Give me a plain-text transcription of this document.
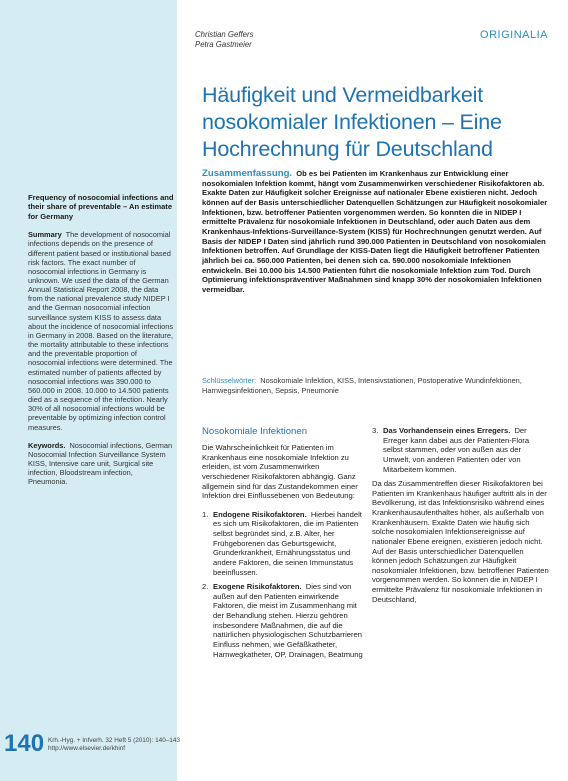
Frequency of nosocomial infections and their share of preventable – An estimate for Germany
Summary The development of nosocomial infections depends on the presence of different patient based or institutional based risk factors. The exact number of nosocomial infections in Germany is unknown. We used the data of the German Annual Statistical Report 2008, the data from the national prevalence study NIDEP I and the German nosocomial infection surveillance system KISS to assess data about the incidence of nosocomial infections in Germany in 2008. Based on the literature, the mortality attributable to these infections and the preventable proportion of nosocomial infections were determined. The estimated number of patients affected by nosocomial infections was 390.000 to 560.000 in 2008. 10.000 to 14.500 patients died as a sequence of the infection. Nearly 30% of all nosocomial infections would be preventable by optimizing infection control measures.
Keywords. Nosocomial infections, German Nosocomial Infection Surveillance System KISS, Intensive care unit, Surgical site infection, Bloodstream infection, Pneumonia.
Christian Geffers
Petra Gastmeier
ORIGINALIA
Häufigkeit und Vermeidbarkeit nosokomialer Infektionen – Eine Hochrechnung für Deutschland
Zusammenfassung. Ob es bei Patienten im Krankenhaus zur Entwicklung einer nosokomialen Infektion kommt, hängt vom Zusammenwirken verschiedener Risikofaktoren ab. Exakte Daten zur Häufigkeit solcher Ereignisse auf nationaler Ebene existieren nicht. Jedoch können auf der Basis unterschiedlicher Datenquellen Schätzungen zur Häufigkeit nosokomialer Infektionen, bzw. betroffener Patienten vorgenommen werden. So konnten die in NIDEP I ermittelte Prävalenz für nosokomiale Infektionen in Deutschland, oder auch Daten aus dem Krankenhaus-Infektions-Surveillance-System (KISS) für Hochrechnungen genutzt werden. Auf Basis der NIDEP I Daten sind jährlich rund 390.000 Patienten in Deutschland von nosokomialen Infektionen betroffen. Auf Grundlage der KISS-Daten liegt die Häufigkeit betroffener Patienten jährlich bei ca. 560.000 Patienten, bei denen sich ca. 590.000 nosokomiale Infektionen entwickeln. Bei 10.000 bis 14.500 Patienten führt die nosokomiale Infektion zum Tod. Durch Optimierung infektionspräventiver Maßnahmen sind knapp 30% der nosokomialen Infektionen vermeidbar.
Schlüsselwörter: Nosokomiale Infektion, KISS, Intensivstationen, Postoperative Wundinfektionen, Harnwegsinfektionen, Sepsis, Pneumonie
Nosokomiale Infektionen

Die Wahrscheinlichkeit für Patienten im Krankenhaus eine nosokomiale Infektion zu erleiden, ist vom Zusammenwirken verschiedener Risikofaktoren abhängig. Ganz allgemein sind für das Zustandekommen einer Infektion drei Einflussebenen von Bedeutung:

1. Endogene Risikofaktoren. Hierbei handelt es sich um Risikofaktoren, die im Patienten selbst begründet sind, z.B. Alter, her Frühgeborenen das Geburtsgewicht, Grunderkrankheit, Ernährungsstatus und andere Faktoren, die seinen Immunstatus beeinflussen.
2. Exogene Risikofaktoren. Dies sind von außen auf den Patienten einwirkende Faktoren, die meist im Zusammenhang mit der Behandlung stehen. Hierzu gehören insbesondere Maßnahmen, die auf die natürlichen physiologischen Schutzbarrieren Einfluss nehmen, wie Gefäßkatheter, Harnwegkatheter, OP, Drainagen, Beatmung
3. Das Vorhandensein eines Erregers. Der Erreger kann dabei aus der Patienten-Flora selbst stammen, oder von außen aus der Umwelt, von anderen Patienten oder von Mitarbeitern kommen.

Da das Zusammentreffen dieser Risikofaktoren bei Patienten im Krankenhaus häufiger auftritt als in der Bevölkerung, ist das Infektionsrisiko während eines Krankenhausaufenthaltes höher, als außerhalb von Krankenhäusern. Exakte Daten wie häufig sich solche nosokomialen Infektionsereignisse auf nationaler Ebene ereignen, existieren jedoch nicht. Auf der Basis unterschiedlicher Datenquellen können jedoch Schätzungen zur Häufigkeit nosokomialer Infektionen, bzw. betroffener Patienten vorgenommen werden. So können die in NIDEP I ermittelte Prävalenz für nosokomiale Infektionen in Deutschland,

140 Krh.-Hyg. + Infverh. 32 Heft 5 (2010): 140–143
http://www.elsevier.de/khinf
